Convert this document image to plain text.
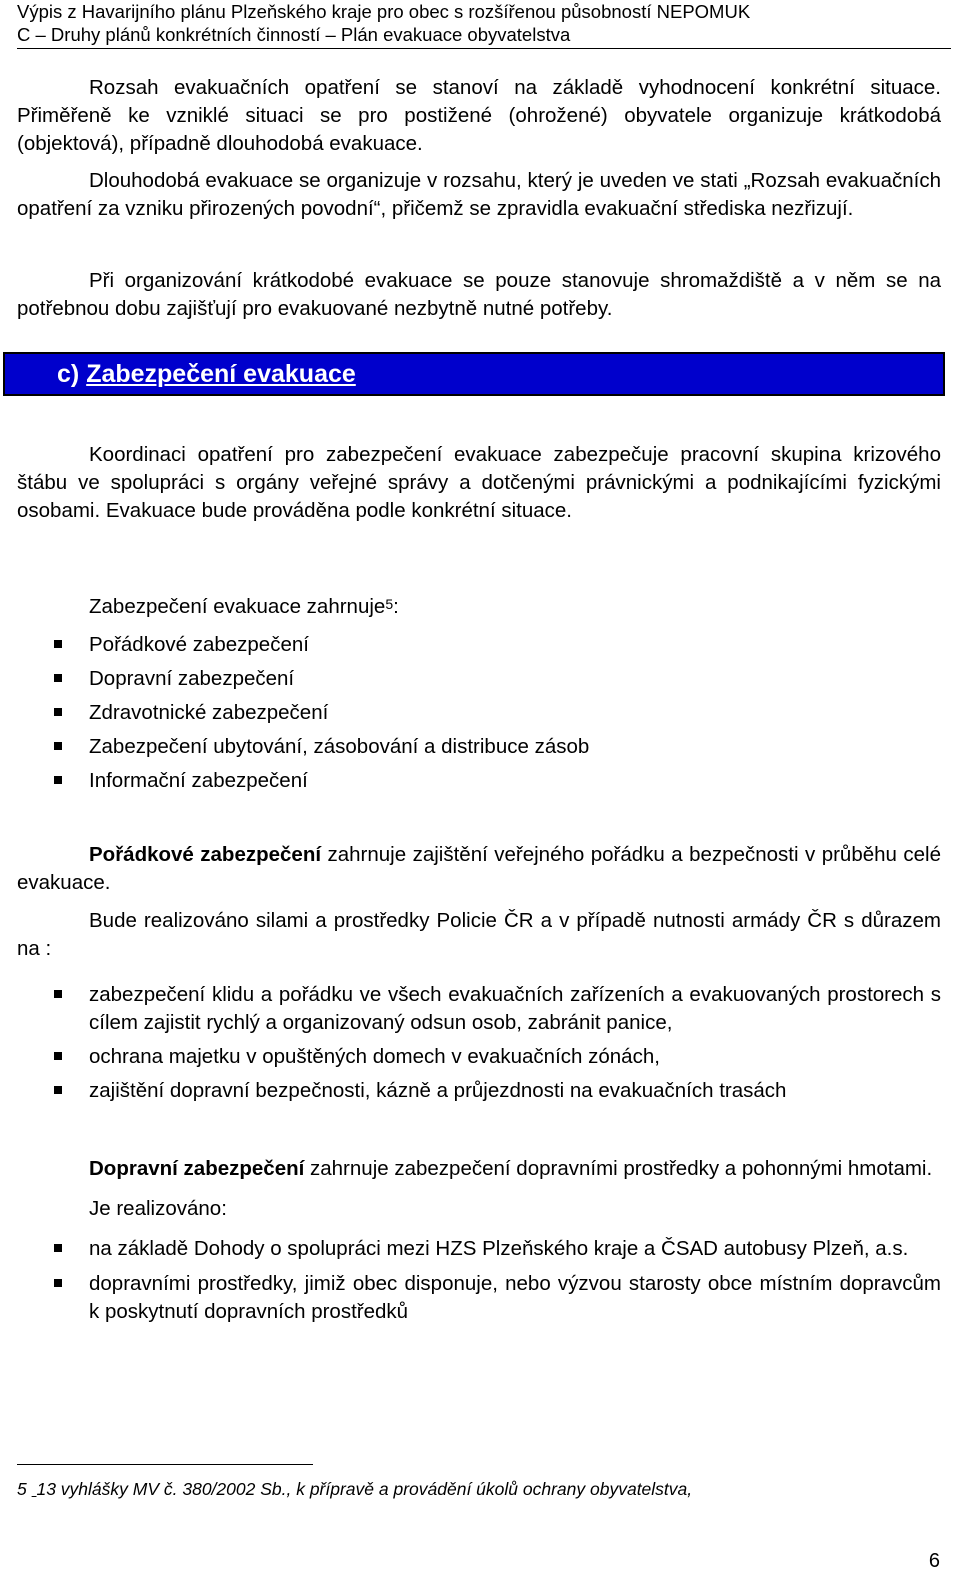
Výpis z Havarijního plánu Plzeňského kraje pro obec s rozšířenou působností NEPOMUK
C – Druhy plánů konkrétních činností – Plán evakuace obyvatelstva

Rozsah evakuačních opatření se stanoví na základě vyhodnocení konkrétní situace. Přiměřeně ke vzniklé situaci se pro postižené (ohrožené) obyvatele organizuje krátkodobá (objektová), případně dlouhodobá evakuace.

Dlouhodobá evakuace se organizuje v rozsahu, který je uveden ve stati „Rozsah evakuačních opatření za vzniku přirozených povodní“, přičemž se zpravidla evakuační střediska nezřizují.

Při organizování krátkodobé evakuace se pouze stanovuje shromaždiště a v něm se na potřebnou dobu zajišťují pro evakuované nezbytně nutné potřeby.

c) Zabezpečení evakuace

Koordinaci opatření pro zabezpečení evakuace zabezpečuje pracovní skupina krizového štábu ve spolupráci s orgány veřejné správy a dotčenými právnickými a podnikajícími fyzickými osobami. Evakuace bude prováděna podle konkrétní situace.

Zabezpečení evakuace zahrnuje$^5$:

Pořádkové zabezpečení
Dopravní zabezpečení
Zdravotnické zabezpečení
Zabezpečení ubytování, zásobování a distribuce zásob
Informační zabezpečení

Pořádkové zabezpečení zahrnuje zajištění veřejného pořádku a bezpečnosti v průběhu celé evakuace.

Bude realizováno silami a prostředky Policie ČR a v případě nutnosti armády ČR s důrazem na :

zabezpečení klidu a pořádku ve všech evakuačních zařízeních a evakuovaných prostorech s cílem zajistit rychlý a organizovaný odsun osob, zabránit panice,
ochrana majetku v opuštěných domech v evakuačních zónách,
zajištění dopravní bezpečnosti, kázně a průjezdnosti na evakuačních trasách

Dopravní zabezpečení zahrnuje zabezpečení dopravními prostředky a pohonnými hmotami.

Je realizováno:

na základě Dohody o spolupráci mezi HZS Plzeňského kraje a ČSAD autobusy Plzeň, a.s.
dopravními prostředky, jimiž obec disponuje, nebo výzvou starosty obce místním dopravcům k poskytnutí dopravních prostředků
5 13 vyhlášky MV č. 380/2002 Sb., k přípravě a provádění úkolů ochrany obyvatelstva,
6
